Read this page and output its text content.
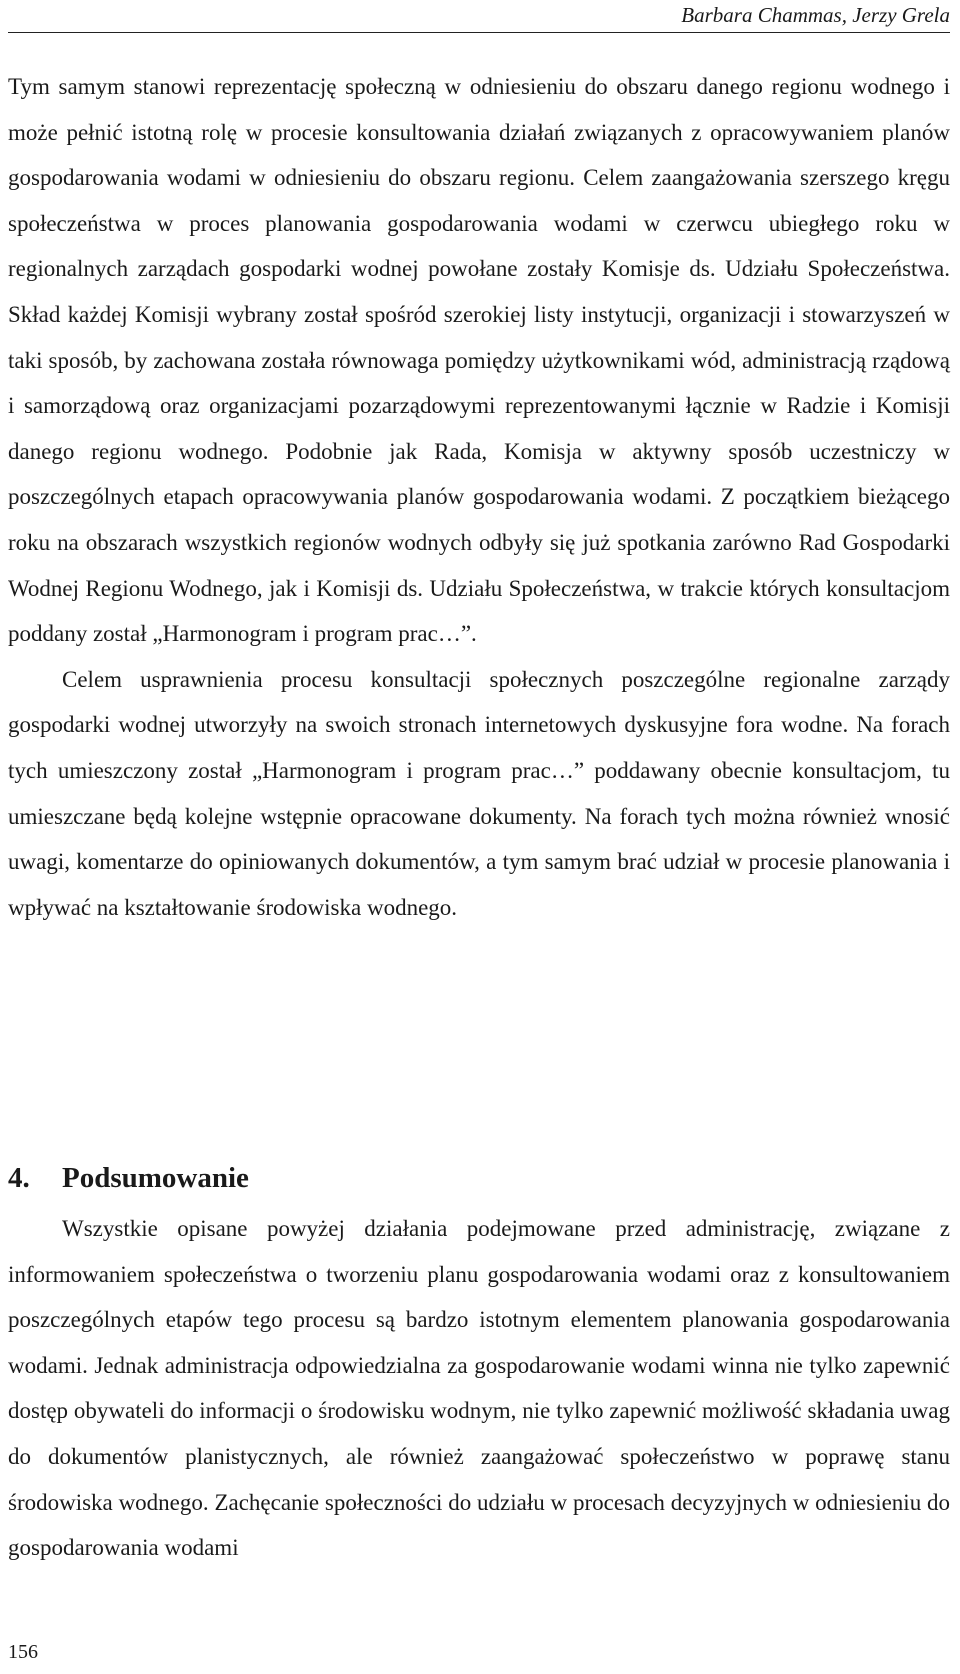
Barbara Chammas, Jerzy Grela

Tym samym stanowi reprezentację społeczną w odniesieniu do obszaru danego regionu wodnego i może pełnić istotną rolę w procesie konsultowania działań związanych z opracowywaniem planów gospodarowania wodami w odniesieniu do obszaru regionu. Celem zaangażowania szerszego kręgu społeczeństwa w proces planowania gospodarowania wodami w czerwcu ubiegłego roku w regionalnych zarządach gospodarki wodnej powołane zostały Komisje ds. Udziału Społeczeństwa. Skład każdej Komisji wybrany został spośród szerokiej listy instytucji, organizacji i stowarzyszeń w taki sposób, by zachowana została równowaga pomiędzy użytkownikami wód, administracją rządową i samorządową oraz organizacjami pozarządowymi reprezentowanymi łącznie w Radzie i Komisji danego regionu wodnego. Podobnie jak Rada, Komisja w aktywny sposób uczestniczy w poszczególnych etapach opracowywania planów gospodarowania wodami. Z początkiem bieżącego roku na obszarach wszystkich regionów wodnych odbyły się już spotkania zarówno Rad Gospodarki Wodnej Regionu Wodnego, jak i Komisji ds. Udziału Społeczeństwa, w trakcie których konsultacjom poddany został „Harmonogram i program prac…”.

Celem usprawnienia procesu konsultacji społecznych poszczególne regionalne zarządy gospodarki wodnej utworzyły na swoich stronach internetowych dyskusyjne fora wodne. Na forach tych umieszczony został „Harmonogram i program prac…” poddawany obecnie konsultacjom, tu umieszczane będą kolejne wstępnie opracowane dokumenty. Na forach tych można również wnosić uwagi, komentarze do opiniowanych dokumentów, a tym samym brać udział w procesie planowania i wpływać na kształtowanie środowiska wodnego.

4. Podsumowanie

Wszystkie opisane powyżej działania podejmowane przed administrację, związane z informowaniem społeczeństwa o tworzeniu planu gospodarowania wodami oraz z konsultowaniem poszczególnych etapów tego procesu są bardzo istotnym elementem planowania gospodarowania wodami. Jednak administracja odpowiedzialna za gospodarowanie wodami winna nie tylko zapewnić dostęp obywateli do informacji o środowisku wodnym, nie tylko zapewnić możliwość składania uwag do dokumentów planistycznych, ale również zaangażować społeczeństwo w poprawę stanu środowiska wodnego. Zachęcanie społeczności do udziału w procesach decyzyjnych w odniesieniu do gospodarowania wodami

156
